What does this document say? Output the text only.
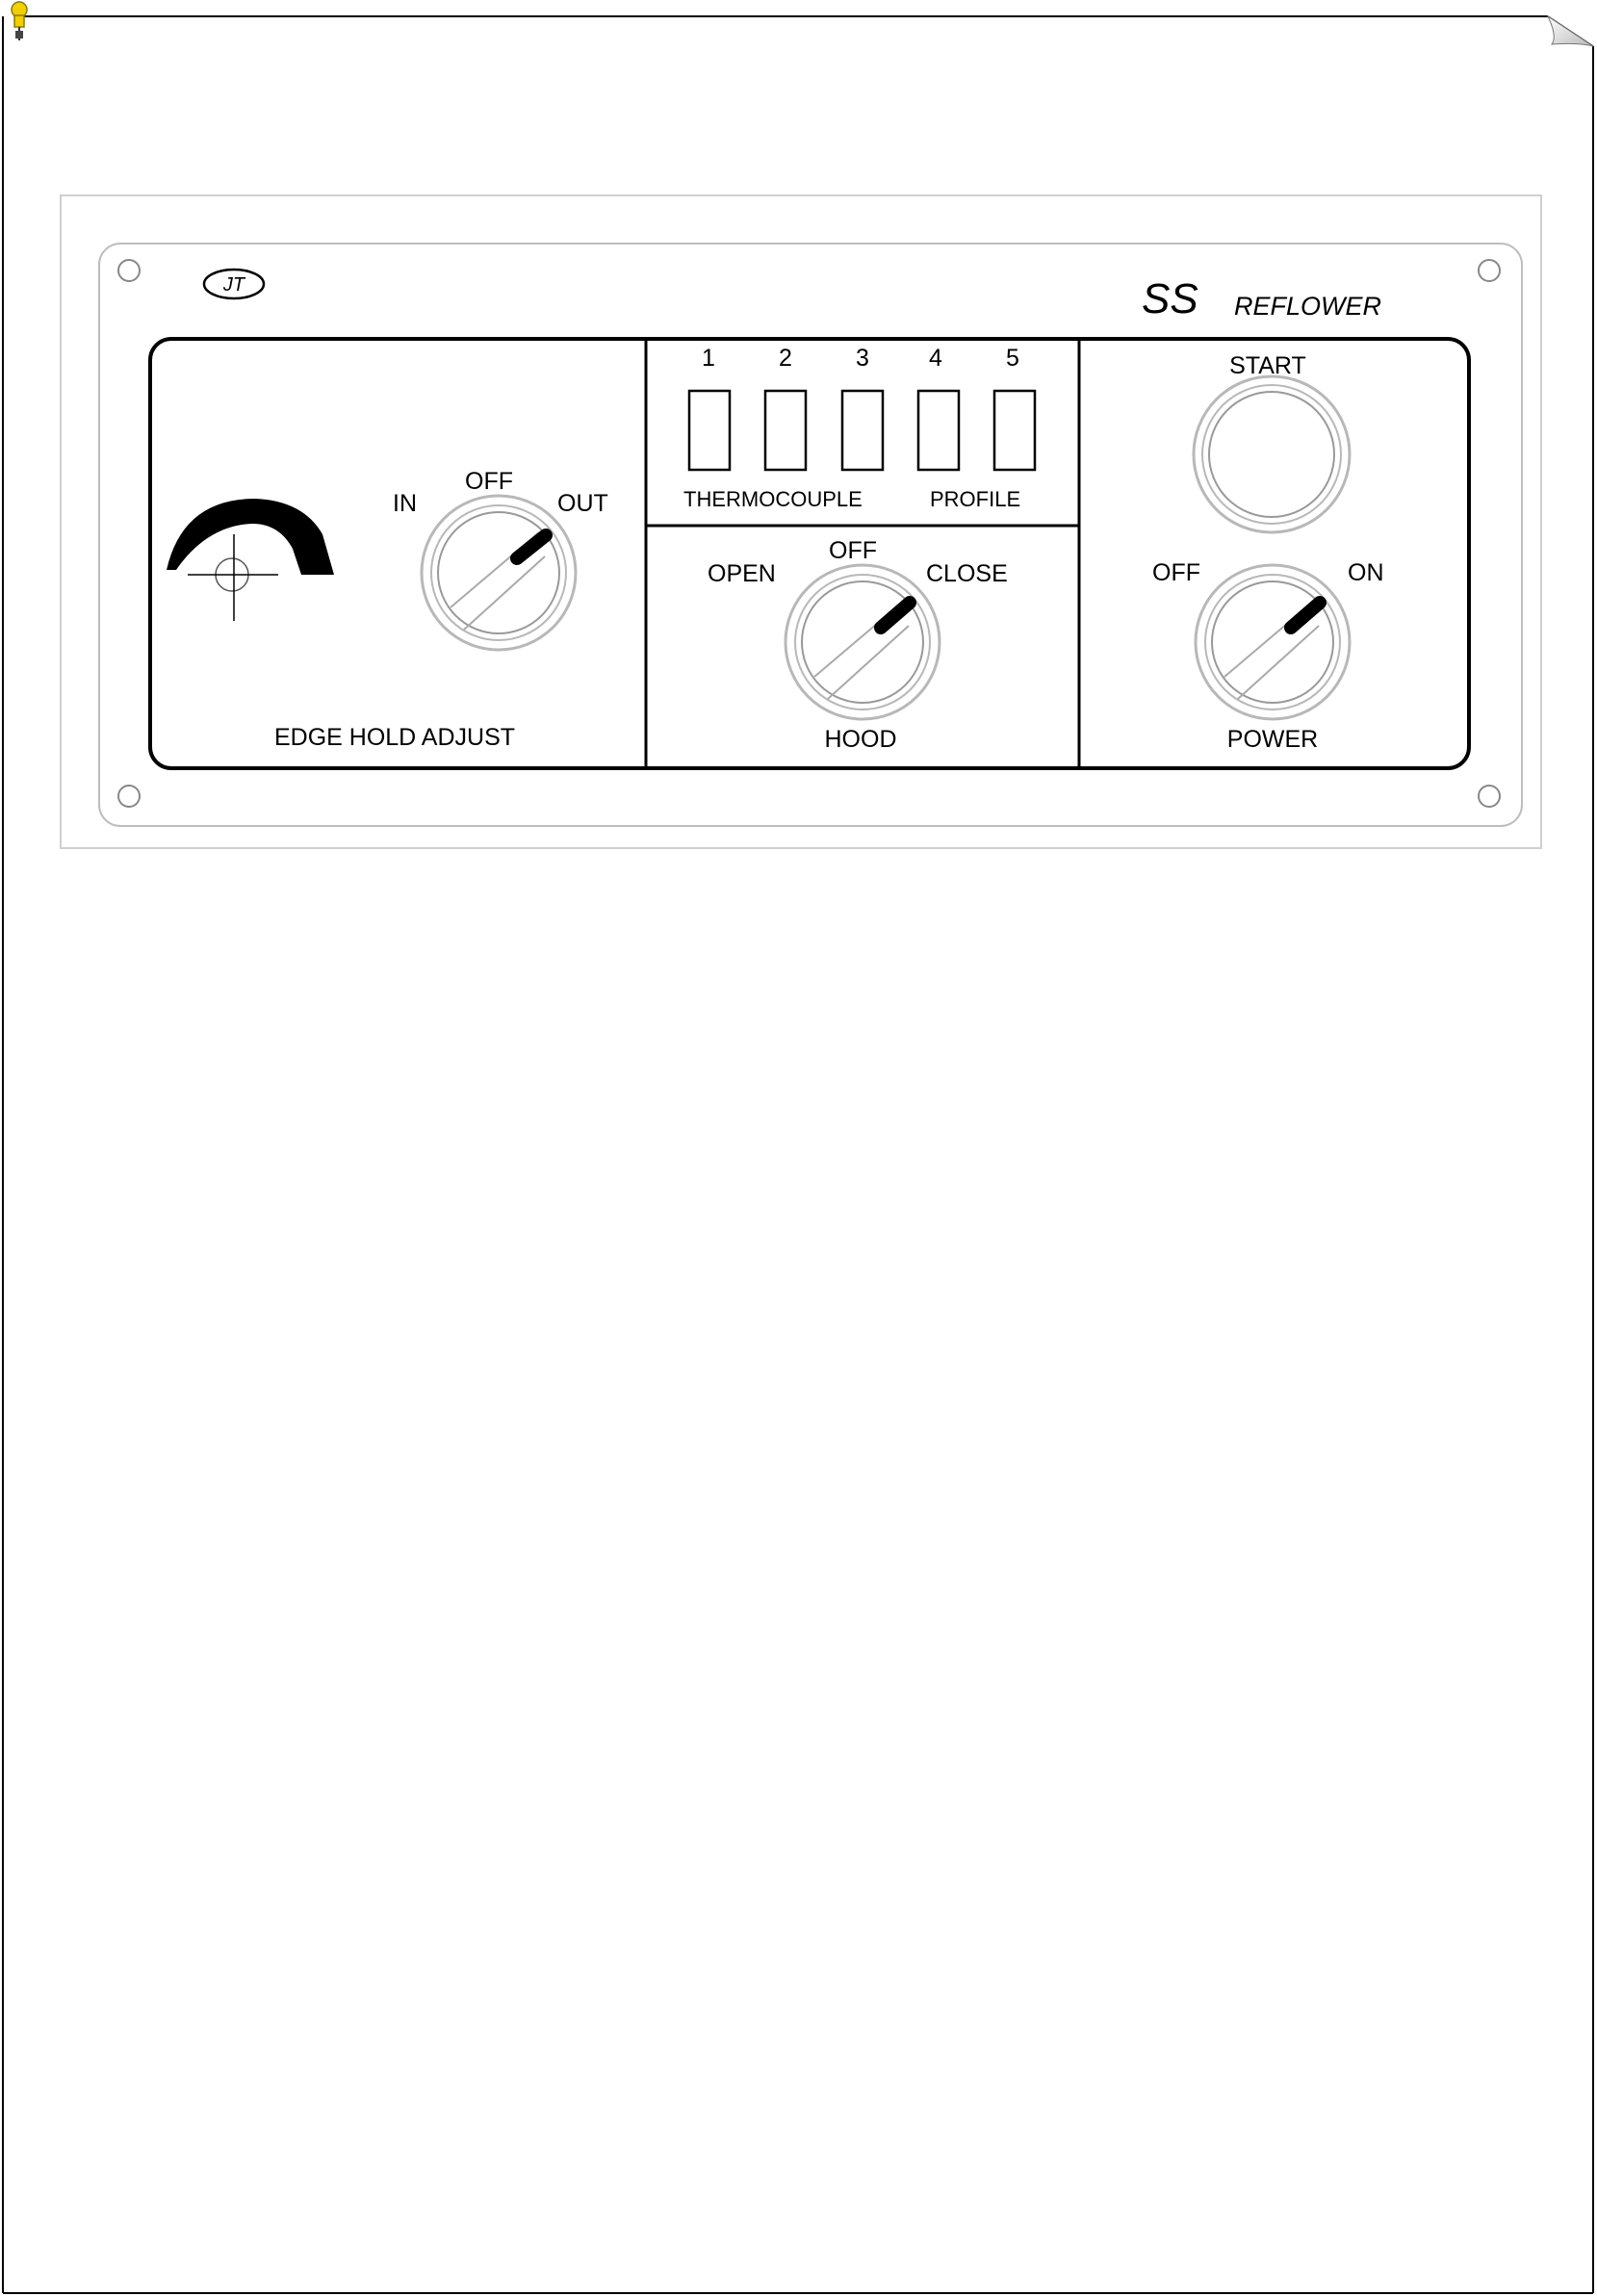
JT	SS REFLOWER
IN
OFF
OUT
EDGE HOLD ADJUST
1	2	3 4	5
THERMOCOUPLE	PROFILE
OPEN
OFF
CLOSE
HOOD
START
OFF	ON
POWER
